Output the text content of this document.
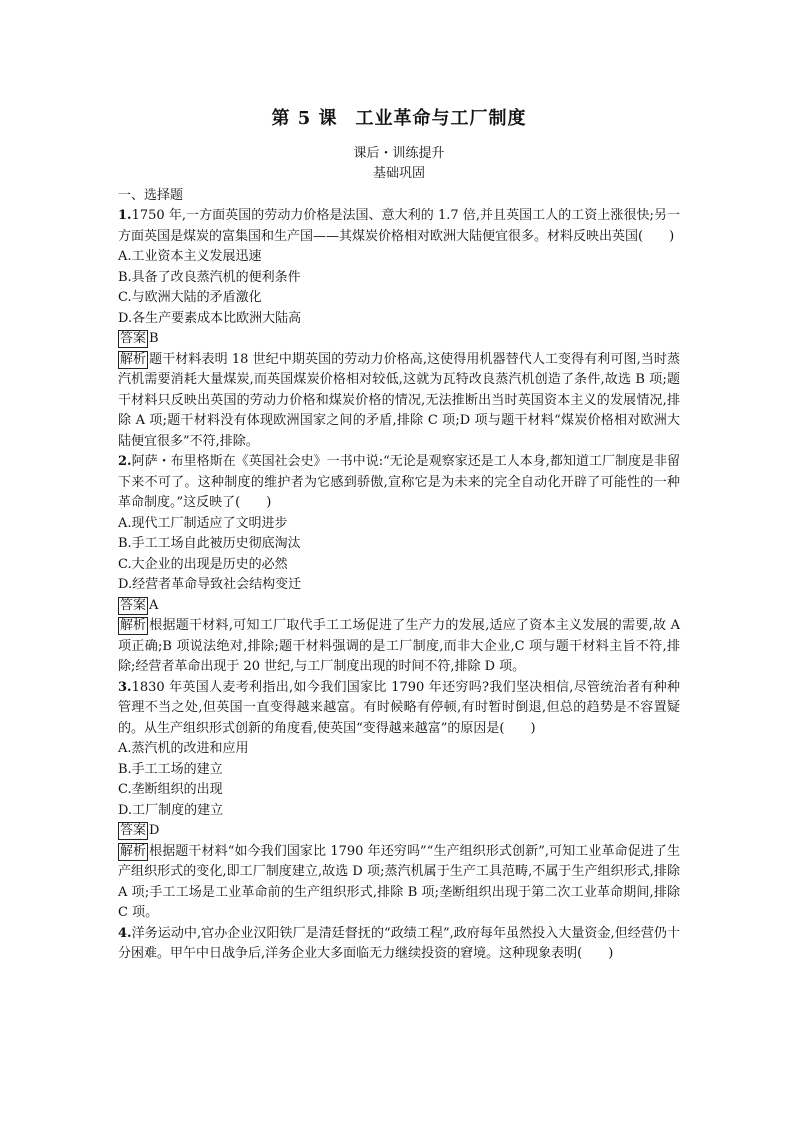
第 5 课 工业革命与工厂制度
课后・训练提升
基础巩固
一、选择题
1.1750 年,一方面英国的劳动力价格是法国、意大利的 1.7 倍,并且英国工人的工资上涨很快;另一方面英国是煤炭的富集国和生产国——其煤炭价格相对欧洲大陆便宜很多。材料反映出英国(　　)
A.工业资本主义发展迅速
B.具备了改良蒸汽机的便利条件
C.与欧洲大陆的矛盾激化
D.各生产要素成本比欧洲大陆高
答案 B
解析 题干材料表明 18 世纪中期英国的劳动力价格高,这使得用机器替代人工变得有利可图,当时蒸汽机需要消耗大量煤炭,而英国煤炭价格相对较低,这就为瓦特改良蒸汽机创造了条件,故选 B 项;题干材料只反映出英国的劳动力价格和煤炭价格的情况,无法推断出当时英国资本主义的发展情况,排除 A 项;题干材料没有体现欧洲国家之间的矛盾,排除 C 项;D 项与题干材料“煤炭价格相对欧洲大陆便宜很多”不符,排除。
2.阿萨・布里格斯在《英国社会史》一书中说:“无论是观察家还是工人本身,都知道工厂制度是非留下来不可了。这种制度的维护者为它感到骄傲,宣称它是为未来的完全自动化开辟了可能性的一种革命制度。”这反映了(　　)
A.现代工厂制适应了文明进步
B.手工工场自此被历史彻底淘汰
C.大企业的出现是历史的必然
D.经营者革命导致社会结构变迁
答案 A
解析 根据题干材料,可知工厂取代手工工场促进了生产力的发展,适应了资本主义发展的需要,故 A 项正确;B 项说法绝对,排除;题干材料强调的是工厂制度,而非大企业,C 项与题干材料主旨不符,排除;经营者革命出现于 20 世纪,与工厂制度出现的时间不符,排除 D 项。
3.1830 年英国人麦考利指出,如今我们国家比 1790 年还穷吗?我们坚决相信,尽管统治者有种种管理不当之处,但英国一直变得越来越富。有时候略有停顿,有时暂时倒退,但总的趋势是不容置疑的。从生产组织形式创新的角度看,使英国“变得越来越富”的原因是(　　)
A.蒸汽机的改进和应用
B.手工工场的建立
C.垄断组织的出现
D.工厂制度的建立
答案 D
解析 根据题干材料“如今我们国家比 1790 年还穷吗”“生产组织形式创新”,可知工业革命促进了生产组织形式的变化,即工厂制度建立,故选 D 项;蒸汽机属于生产工具范畴,不属于生产组织形式,排除 A 项;手工工场是工业革命前的生产组织形式,排除 B 项;垄断组织出现于第二次工业革命期间,排除 C 项。
4.洋务运动中,官办企业汉阳铁厂是清廷督抚的“政绩工程”,政府每年虽然投入大量资金,但经营仍十分困难。甲午中日战争后,洋务企业大多面临无力继续投资的窘境。这种现象表明(　　)
